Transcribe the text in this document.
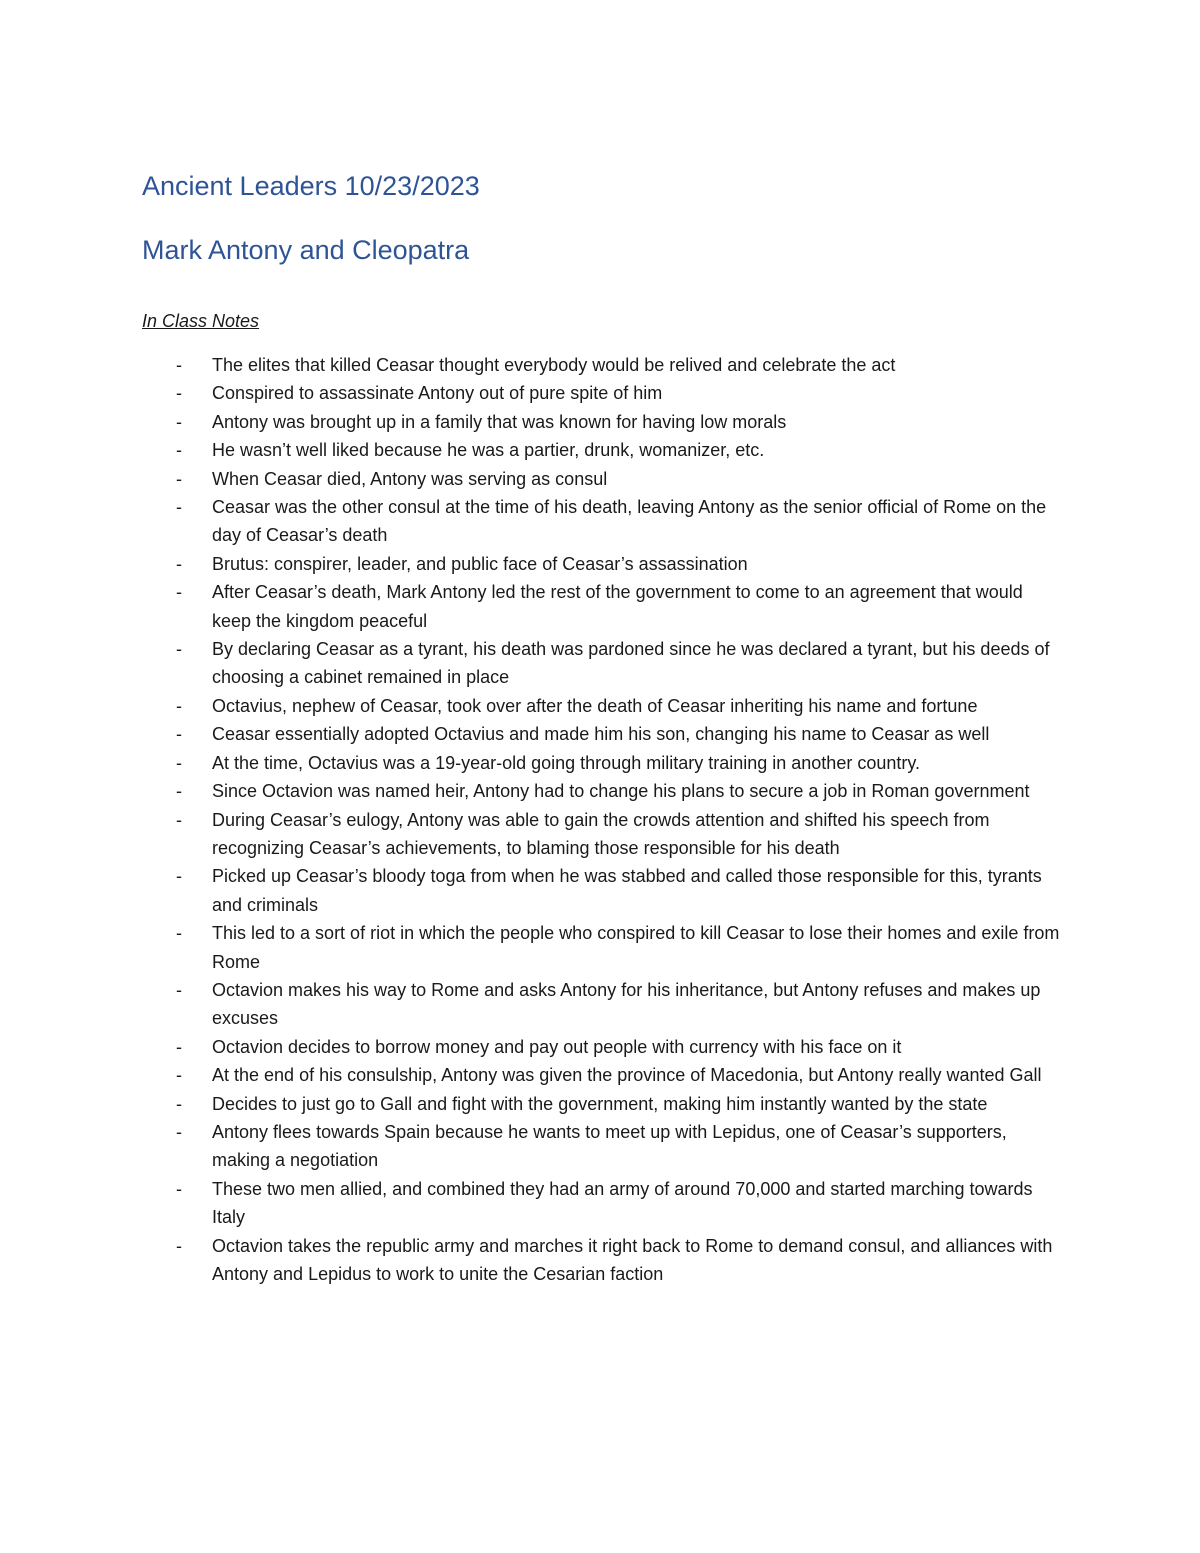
Ancient Leaders 10/23/2023
Mark Antony and Cleopatra

In Class Notes

- The elites that killed Ceasar thought everybody would be relived and celebrate the act
- Conspired to assassinate Antony out of pure spite of him
- Antony was brought up in a family that was known for having low morals
- He wasn’t well liked because he was a partier, drunk, womanizer, etc.
- When Ceasar died, Antony was serving as consul
- Ceasar was the other consul at the time of his death, leaving Antony as the senior official of Rome on the day of Ceasar’s death
- Brutus: conspirer, leader, and public face of Ceasar’s assassination
- After Ceasar’s death, Mark Antony led the rest of the government to come to an agreement that would keep the kingdom peaceful
- By declaring Ceasar as a tyrant, his death was pardoned since he was declared a tyrant, but his deeds of choosing a cabinet remained in place
- Octavius, nephew of Ceasar, took over after the death of Ceasar inheriting his name and fortune
- Ceasar essentially adopted Octavius and made him his son, changing his name to Ceasar as well
- At the time, Octavius was a 19-year-old going through military training in another country.
- Since Octavion was named heir, Antony had to change his plans to secure a job in Roman government
- During Ceasar’s eulogy, Antony was able to gain the crowds attention and shifted his speech from recognizing Ceasar’s achievements, to blaming those responsible for his death
- Picked up Ceasar’s bloody toga from when he was stabbed and called those responsible for this, tyrants and criminals
- This led to a sort of riot in which the people who conspired to kill Ceasar to lose their homes and exile from Rome
- Octavion makes his way to Rome and asks Antony for his inheritance, but Antony refuses and makes up excuses
- Octavion decides to borrow money and pay out people with currency with his face on it
- At the end of his consulship, Antony was given the province of Macedonia, but Antony really wanted Gall
- Decides to just go to Gall and fight with the government, making him instantly wanted by the state
- Antony flees towards Spain because he wants to meet up with Lepidus, one of Ceasar’s supporters, making a negotiation
- These two men allied, and combined they had an army of around 70,000 and started marching towards Italy
- Octavion takes the republic army and marches it right back to Rome to demand consul, and alliances with Antony and Lepidus to work to unite the Cesarian faction
